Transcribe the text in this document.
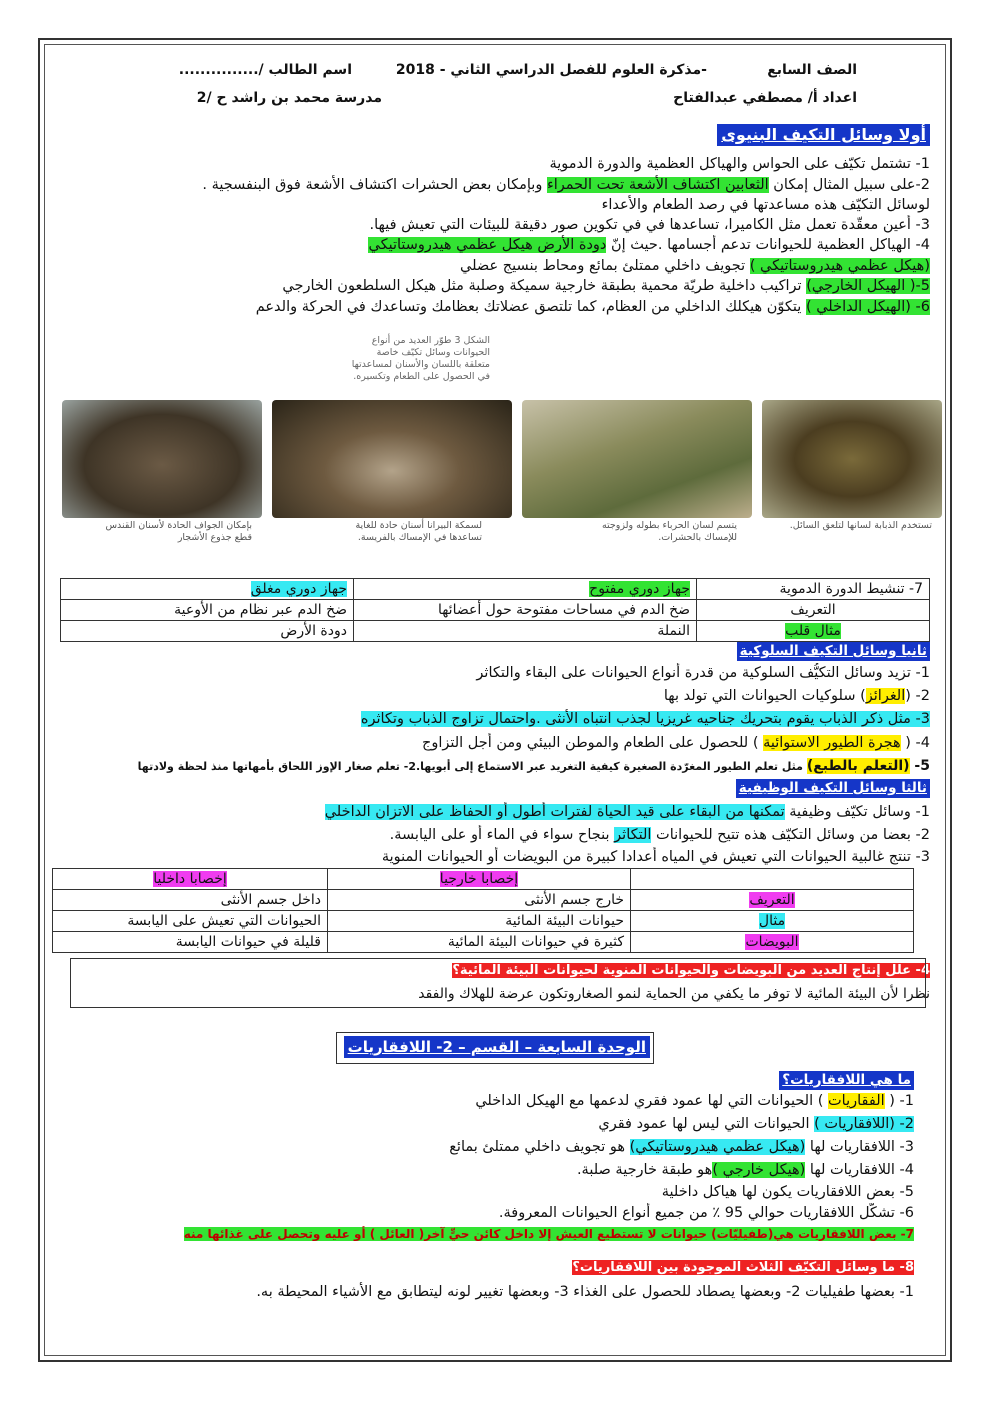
الصف السابع
-مذكرة العلوم للفصل الدراسي الثاني - 2018
اسم الطالب /...............
اعداد أ/ مصطفي عبدالفتاح
مدرسة محمد بن راشد ح /2
أولا وسائل التكيف البنيوى
1- تشتمل تكيّف على الحواس والهياكل العظمية والدورة الدموية
2-على سبيل المثال إمكان الثعابين اكتشاف الأشعة تحت الحمراء وبإمكان بعض الحشرات اكتشاف الأشعة فوق البنفسجية .
لوسائل التكيّف هذه مساعدتها في رصد الطعام والأعداء
3- أعين معقّدة تعمل مثل الكاميرا، تساعدها في في تكوين صور دقيقة للبيئات التي تعيش فيها.
4- الهياكل العظمية للحيوانات تدعم أجسامها .حيث إنّ دودة الأرض هيكل عظمي هيدروستاتيكي
(هيكل عظمي هيدروستاتيكي ) تجويف داخلي ممتلئ بمائع ومحاط بنسيج عضلي
5-( الهيكل الخارجي) تراكيب داخلية طريّة محمية بطبقة خارجية سميكة وصلبة مثل هيكل السلطعون الخارجي
6- (الهيكل الداخلي ) يتكوّن هيكلك الداخلي من العظام، كما تلتصق عضلاتك بعظامك وتساعدك في الحركة والدعم
الشكل 3 طوّر العديد من أنواع الحيوانات وسائل تكيّف خاصة متعلقة باللسان والأسنان لمساعدتها في الحصول على الطعام وتكسيره.
تستخدم الذبابة لسانها لتلعق السائل.
يتسم لسان الحرباء بطوله ولزوجته للإمساك بالحشرات.
لسمكة البيرانا أسنان حادة للغاية تساعدها في الإمساك بالفريسة.
بإمكان الجواف الحادة لأسنان القندس قطع جذوع الأشجار
7- تنشيط الدورة الدموية	جهاز دوري مفتوح	جهاز دوري مغلق
التعريف	ضخ الدم في مساحات مفتوحة حول أعضائها	ضخ الدم عبر نظام من الأوعية
مثال قلب	النملة	دودة الأرض
ثانيا وسائل التكيف السلوكية
1- تزيد وسائل التكيُّف السلوكية من قدرة أنواع الحيوانات على البقاء والتكاثر
2- (الغرائز) سلوكيات الحيوانات التي تولد بها
3- مثل ذكر الذباب يقوم بتحريك جناحيه غريزيا لجذب انتباه الأنثى .واحتمال تزاوج الذباب وتكاثره
4- ( هجرة الطيور الاستوائية ) للحصول على الطعام والموطن البيئي ومن أجل التزاوج
5- (التعلم بالطبع) مثل تعلم الطيور المغرّدة الصغيرة كيفية التغريد عبر الاستماع إلى أبويها.2- تعلم صغار الإوز اللحاق بأمهاتها منذ لحظة ولادتها
ثالثا وسائل التكيف الوظيفية
1- وسائل تكيّف وظيفية تمكنها من البقاء على قيد الحياة لفترات أطول أو الحفاظ على الاتزان الداخلي
2- بعضا من وسائل التكيّف هذه تتيح للحيوانات التكاثر بنجاح سواء في الماء أو على اليابسة.
3- تنتج غالبية الحيوانات التي تعيش في المياه أعدادا كبيرة من البويضات أو الحيوانات المنوية
	إخصابا خارجيا	إخصابا داخليا
التعريف	خارج جسم الأنثى	داخل جسم الأنثى
مثال	حيوانات البيئة المائية	الحيوانات التي تعيش على اليابسة
البويضات	كثيرة في حيوانات البيئة المائية	قليلة في حيوانات اليابسة
4- علل إنتاج العديد من البويضات والحيوانات المنوية لحيوانات البيئة المائية؟
نظرا لأن البيئة المائية لا توفر ما يكفي من الحماية لنمو الصغاروتكون عرضة للهلاك والفقد
الوحدة السابعة – القسم – 2- اللافقاريات
ما هي اللافقاريات؟
1- ( الفقاريات ) الحيوانات التي لها عمود فقري لدعمها مع الهيكل الداخلي
2- (اللافقاريات ) الحيوانات التي ليس لها عمود فقري
3- اللافقاريات لها (هيكل عظمي هيدروستاتيكي) هو تجويف داخلي ممتلئ بمائع
4- اللافقاريات لها (هيكل خارجي )هو طبقة خارجية صلبة.
5- بعض اللافقاريات يكون لها هياكل داخلية
6- تشكّل اللافقاريات حوالي 95 ٪ من جميع أنواع الحيوانات المعروفة.
7- بعض اللافقاريات هي(طفيليّات) حيوانات لا تستطيع العيش إلا داخل كائن حيٍّ آخر( العائل ) أو عليه وتحصل على غذائها منه
8- ما وسائل التكيّف الثلاث الموجودة بين اللافقاريات؟
1- بعضها طفيليات 2- وبعضها يصطاد للحصول على الغذاء 3- وبعضها تغيير لونه ليتطابق مع الأشياء المحيطة به.
